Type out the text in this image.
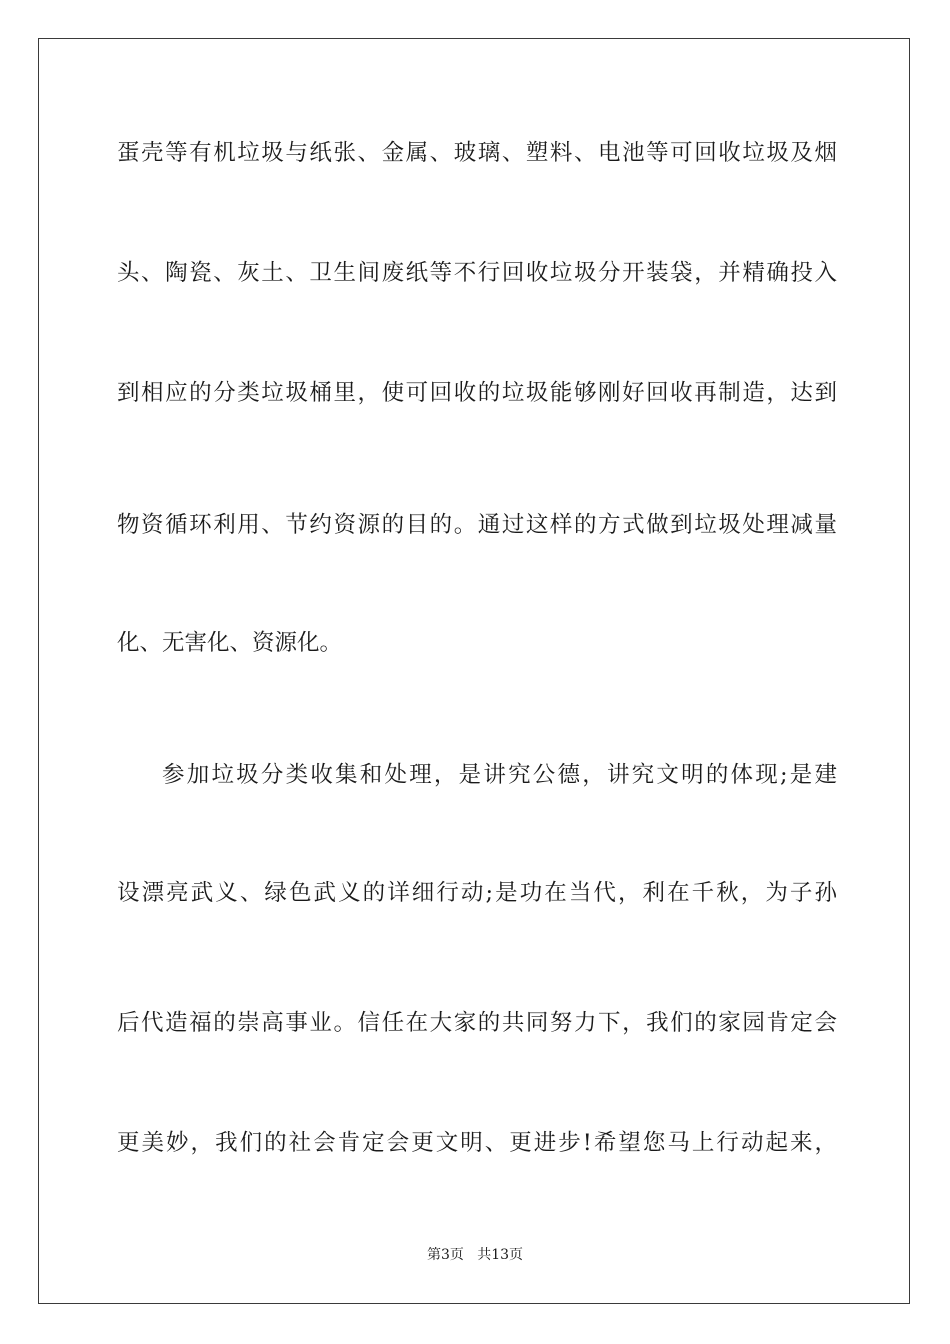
蛋壳等有机垃圾与纸张、金属、玻璃、塑料、电池等可回收垃圾及烟

头、陶瓷、灰土、卫生间废纸等不行回收垃圾分开装袋，并精确投入

到相应的分类垃圾桶里，使可回收的垃圾能够刚好回收再制造，达到

物资循环利用、节约资源的目的。通过这样的方式做到垃圾处理减量

化、无害化、资源化。

参加垃圾分类收集和处理，是讲究公德，讲究文明的体现;是建

设漂亮武义、绿色武义的详细行动;是功在当代，利在千秋，为子孙

后代造福的崇高事业。信任在大家的共同努力下，我们的家园肯定会

更美妙，我们的社会肯定会更文明、更进步!希望您马上行动起来，

第3页   共13页
